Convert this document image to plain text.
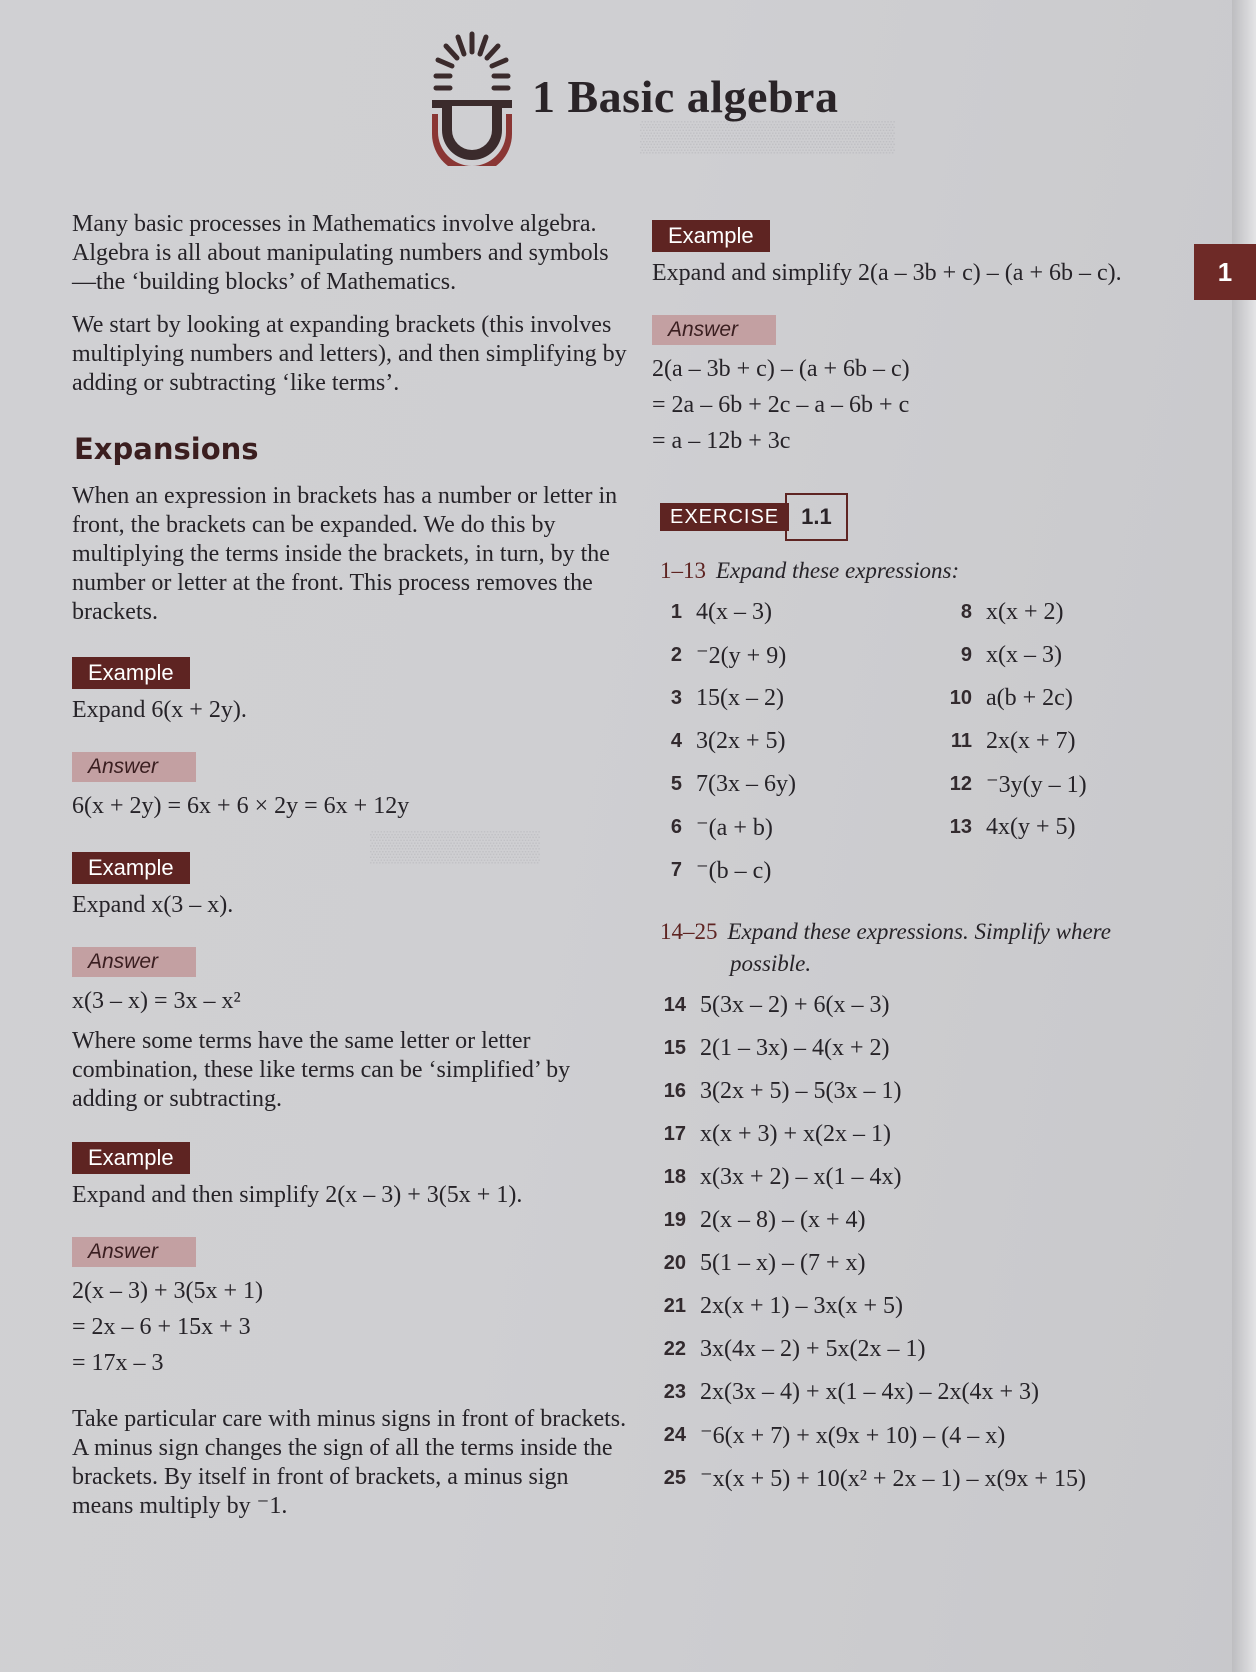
▒▒▒▒▒▒▒▒▒▒▒▒
▒▒▒▒▒▒▒▒
1
1 Basic algebra

Many basic processes in Mathematics involve algebra. Algebra is all about manipulating numbers and symbols—the ‘building blocks’ of Mathematics.

We start by looking at expanding brackets (this involves multiplying numbers and letters), and then simplifying by adding or subtracting ‘like terms’.

Expansions

When an expression in brackets has a number or letter in front, the brackets can be expanded. We do this by multiplying the terms inside the brackets, in turn, by the number or letter at the front. This process removes the brackets.

Example
Expand 6(x + 2y).
Answer
6(x + 2y) = 6x + 6 × 2y = 6x + 12y
Example
Expand x(3 – x).
Answer
x(3 – x) = 3x – x²

Where some terms have the same letter or letter combination, these like terms can be ‘simplified’ by adding or subtracting.

Example
Expand and then simplify 2(x – 3) + 3(5x + 1).
Answer
2(x – 3) + 3(5x + 1)
= 2x – 6 + 15x + 3
= 17x – 3

Take particular care with minus signs in front of brackets. A minus sign changes the sign of all the terms inside the brackets. By itself in front of brackets, a minus sign means multiply by ⁻1.

Example
Expand and simplify 2(a – 3b + c) – (a + 6b – c).
Answer
2(a – 3b + c) – (a + 6b – c)
= 2a – 6b + 2c – a – 6b + c
= a – 12b + 3c
EXERCISE	1.1
1–13 Expand these expressions:
1 4(x – 3)
2 ⁻2(y + 9)
3 15(x – 2)
4 3(2x + 5)
5 7(3x – 6y)
6 ⁻(a + b)
7 ⁻(b – c)
8 x(x + 2)
9 x(x – 3)
10 a(b + 2c)
11 2x(x + 7)
12 ⁻3y(y – 1)
13 4x(y + 5)
14–25 Expand these expressions. Simplify where
possible.
14 5(3x – 2) + 6(x – 3)
15 2(1 – 3x) – 4(x + 2)
16 3(2x + 5) – 5(3x – 1)
17 x(x + 3) + x(2x – 1)
18 x(3x + 2) – x(1 – 4x)
19 2(x – 8) – (x + 4)
20 5(1 – x) – (7 + x)
21 2x(x + 1) – 3x(x + 5)
22 3x(4x – 2) + 5x(2x – 1)
23 2x(3x – 4) + x(1 – 4x) – 2x(4x + 3)
24 ⁻6(x + 7) + x(9x + 10) – (4 – x)
25 ⁻x(x + 5) + 10(x² + 2x – 1) – x(9x + 15)
